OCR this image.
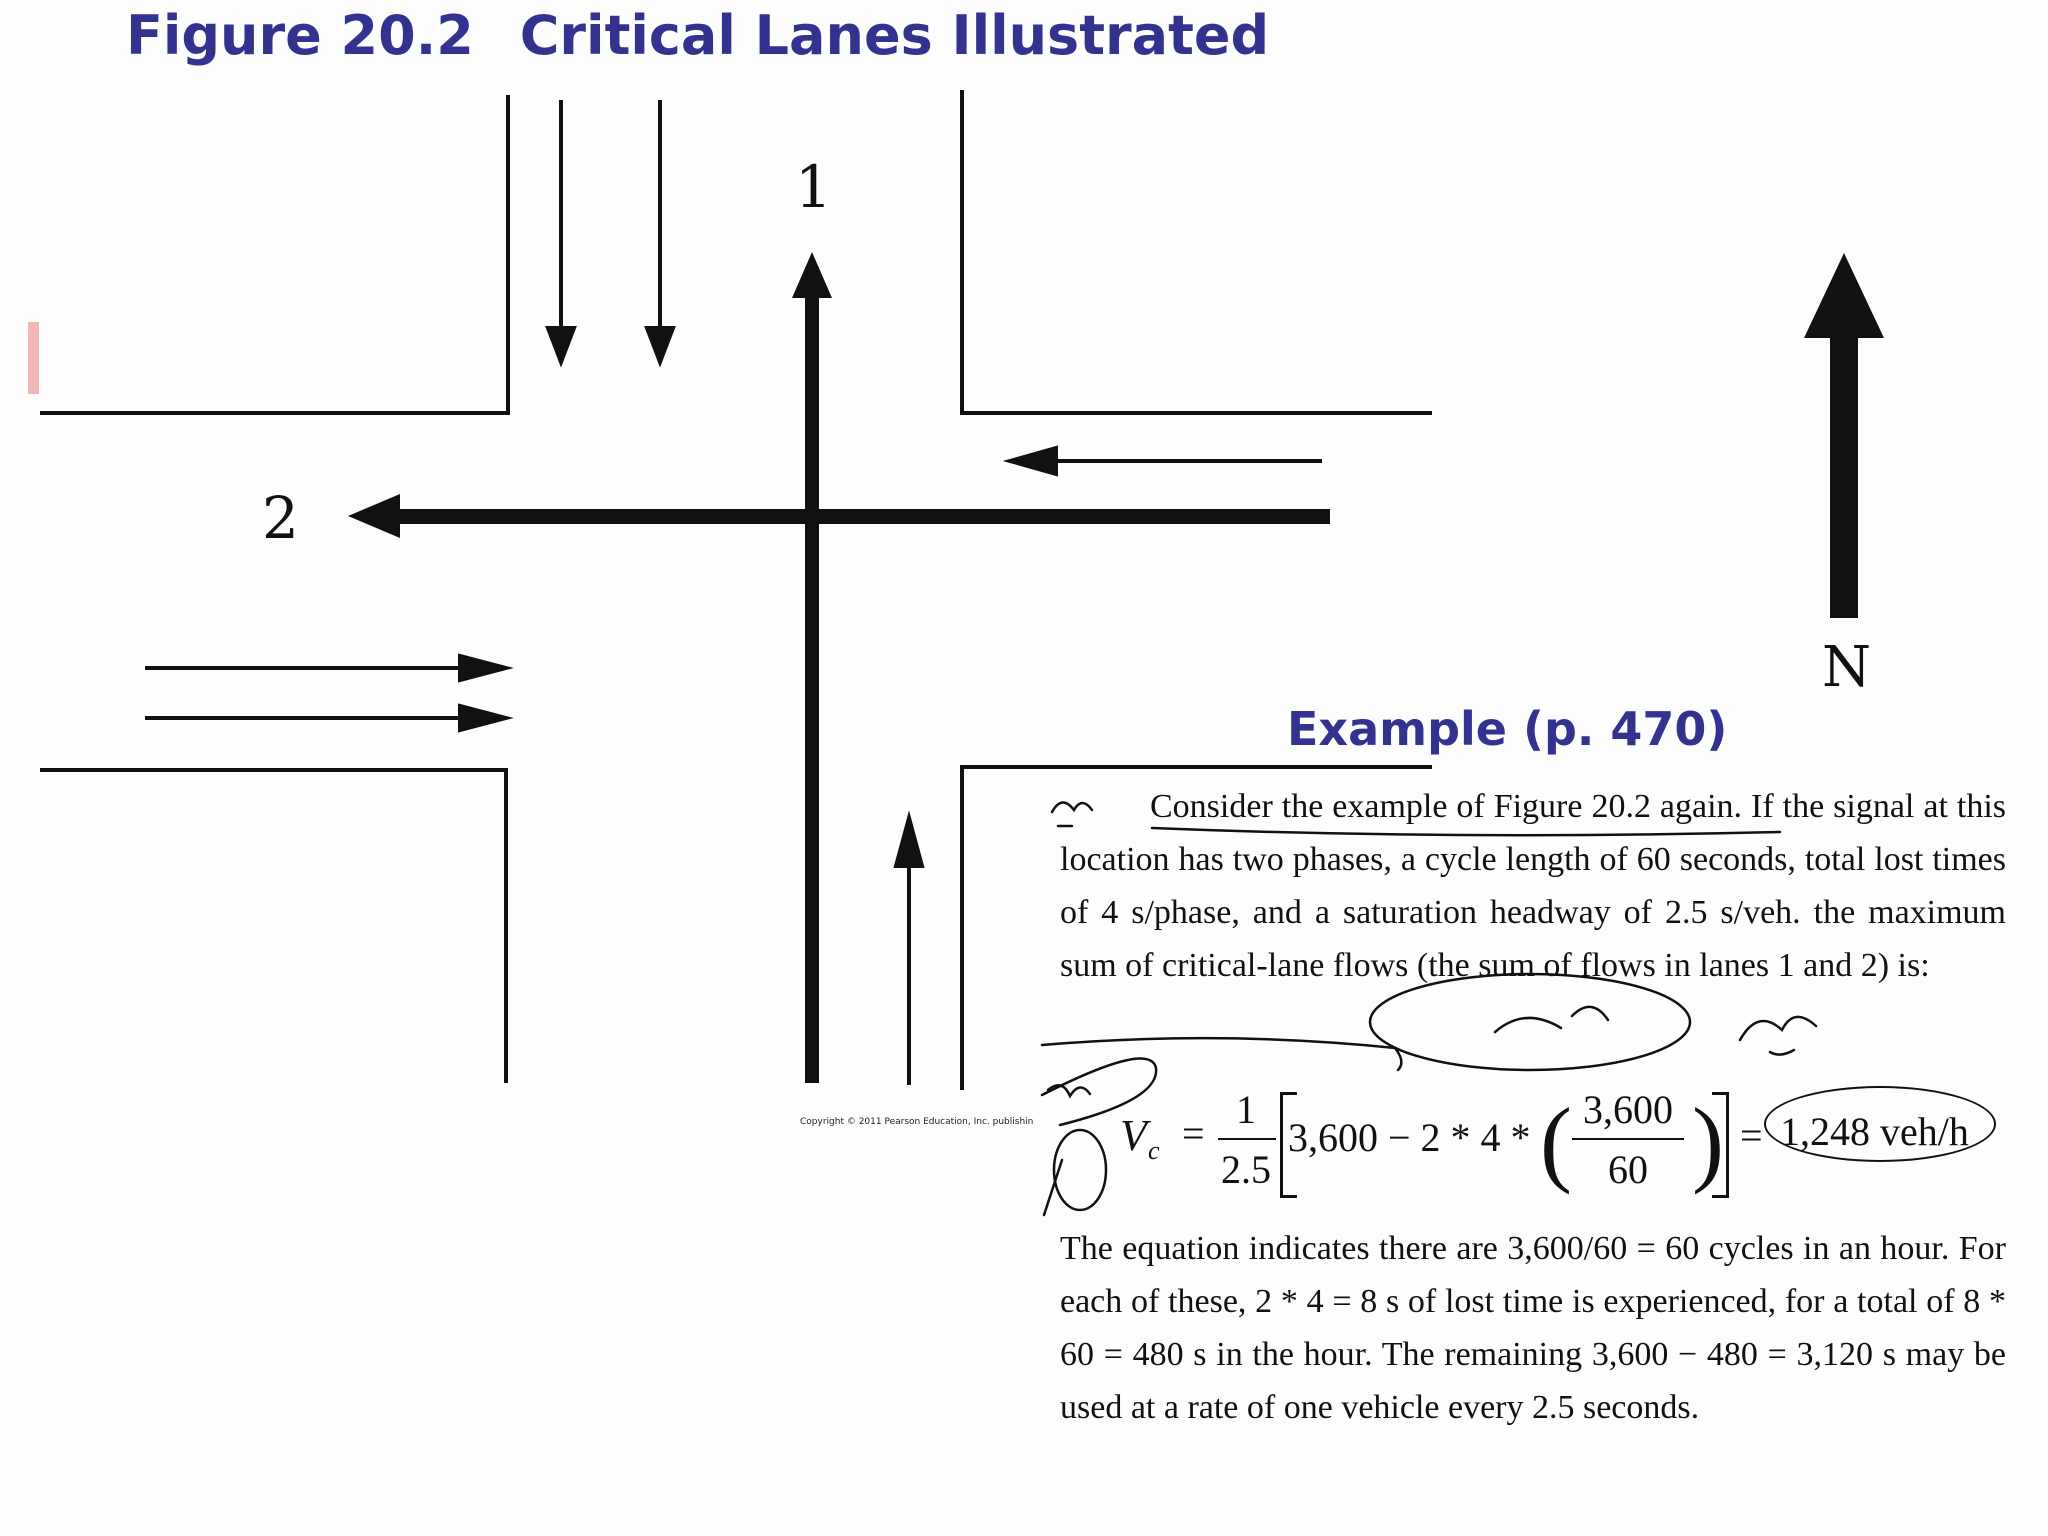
Figure 20.2 Critical Lanes Illustrated
1
2
N
Copyright © 2011 Pearson Education, Inc. publishin
Example (p. 470)
Consider the example of Figure 20.2 again. If the signal at this location has two phases, a cycle length of 60 seconds, total lost times of 4 s/phase, and a saturation headway of 2.5 s/veh. the maximum sum of critical-lane flows (the sum of flows in lanes 1 and 2) is:
V c =
1
2.5
3,600 − 2 * 4 * ( 3,600
60 ) = 1,248 veh/h
The equation indicates there are 3,600/60 = 60 cycles in an hour. For each of these, 2 * 4 = 8 s of lost time is experienced, for a total of 8 * 60 = 480 s in the hour. The remaining 3,600 − 480 = 3,120 s may be used at a rate of one vehicle every 2.5 seconds.
